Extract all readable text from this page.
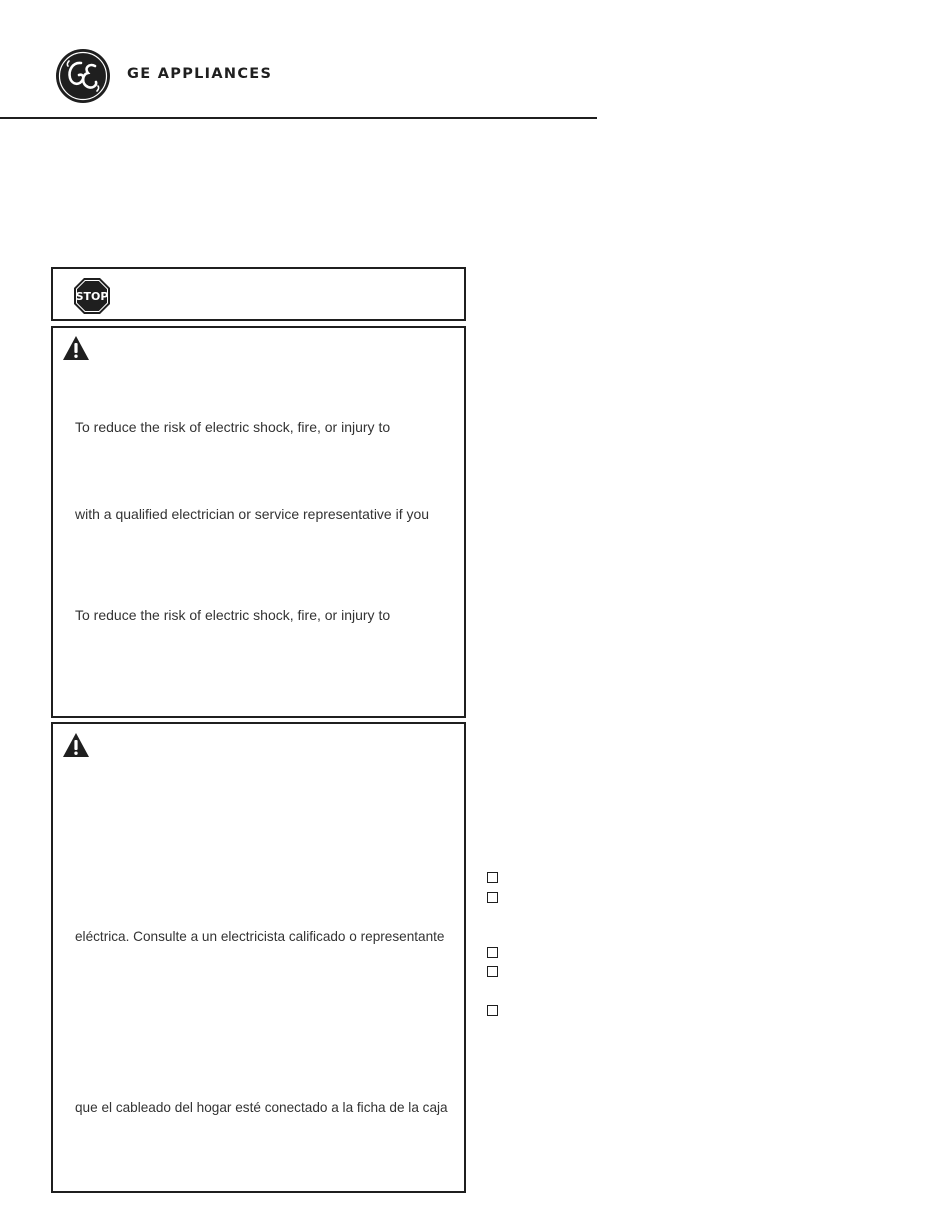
GE APPLIANCES
STOP
To reduce the risk of electric shock, fire, or injury to
with a qualified electrician or service representative if you
To reduce the risk of electric shock, fire, or injury to
eléctrica. Consulte a un electricista calificado o representante
que el cableado del hogar esté conectado a la ficha de la caja
